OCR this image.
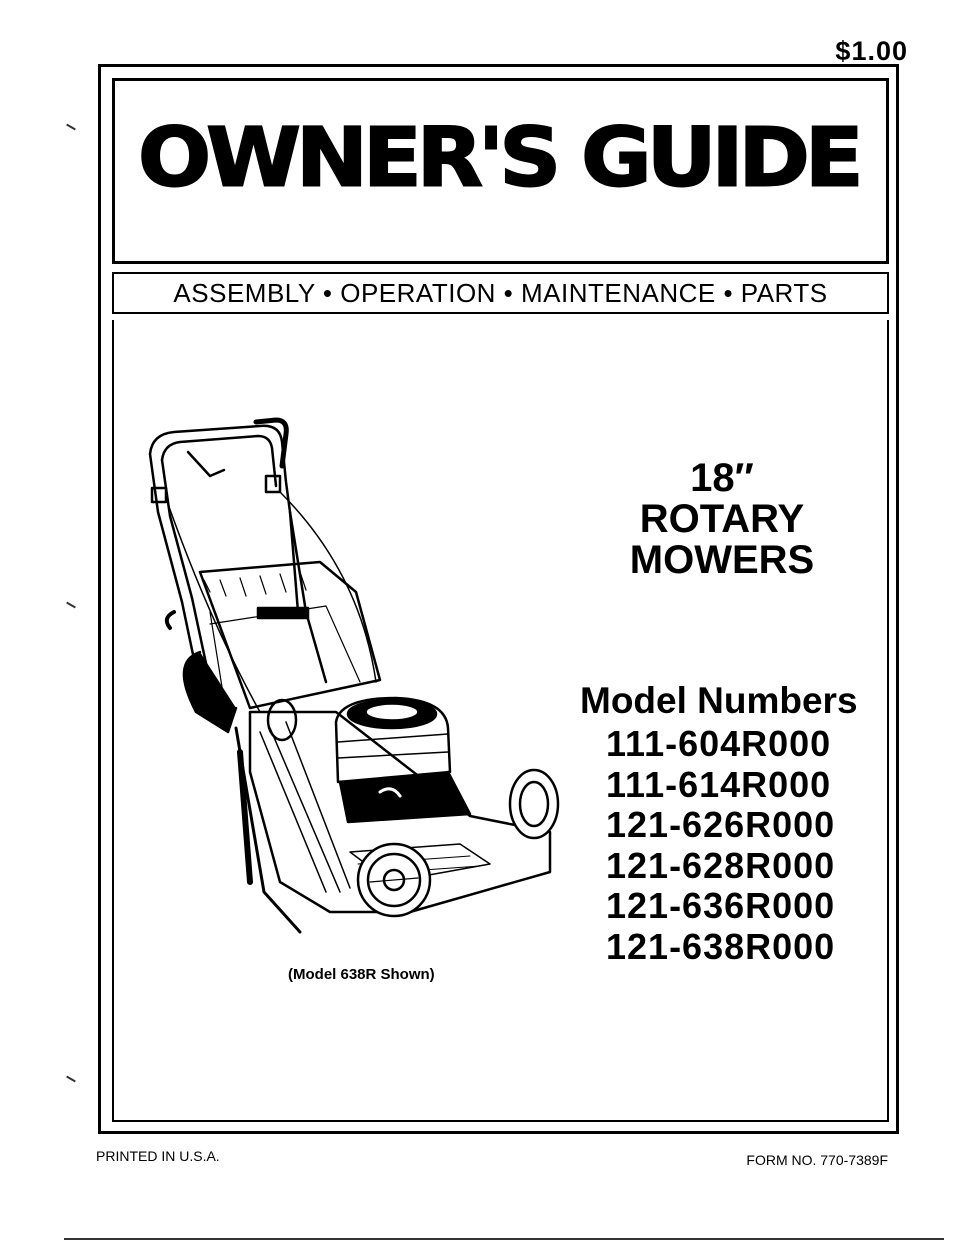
$1.00
OWNER'S GUIDE
ASSEMBLY • OPERATION • MAINTENANCE • PARTS
(Model 638R Shown)
18″
ROTARY
MOWERS
Model Numbers
111-604R000
111-614R000
121-626R000
121-628R000
121-636R000
121-638R000
PRINTED IN U.S.A.	FORM NO. 770-7389F
